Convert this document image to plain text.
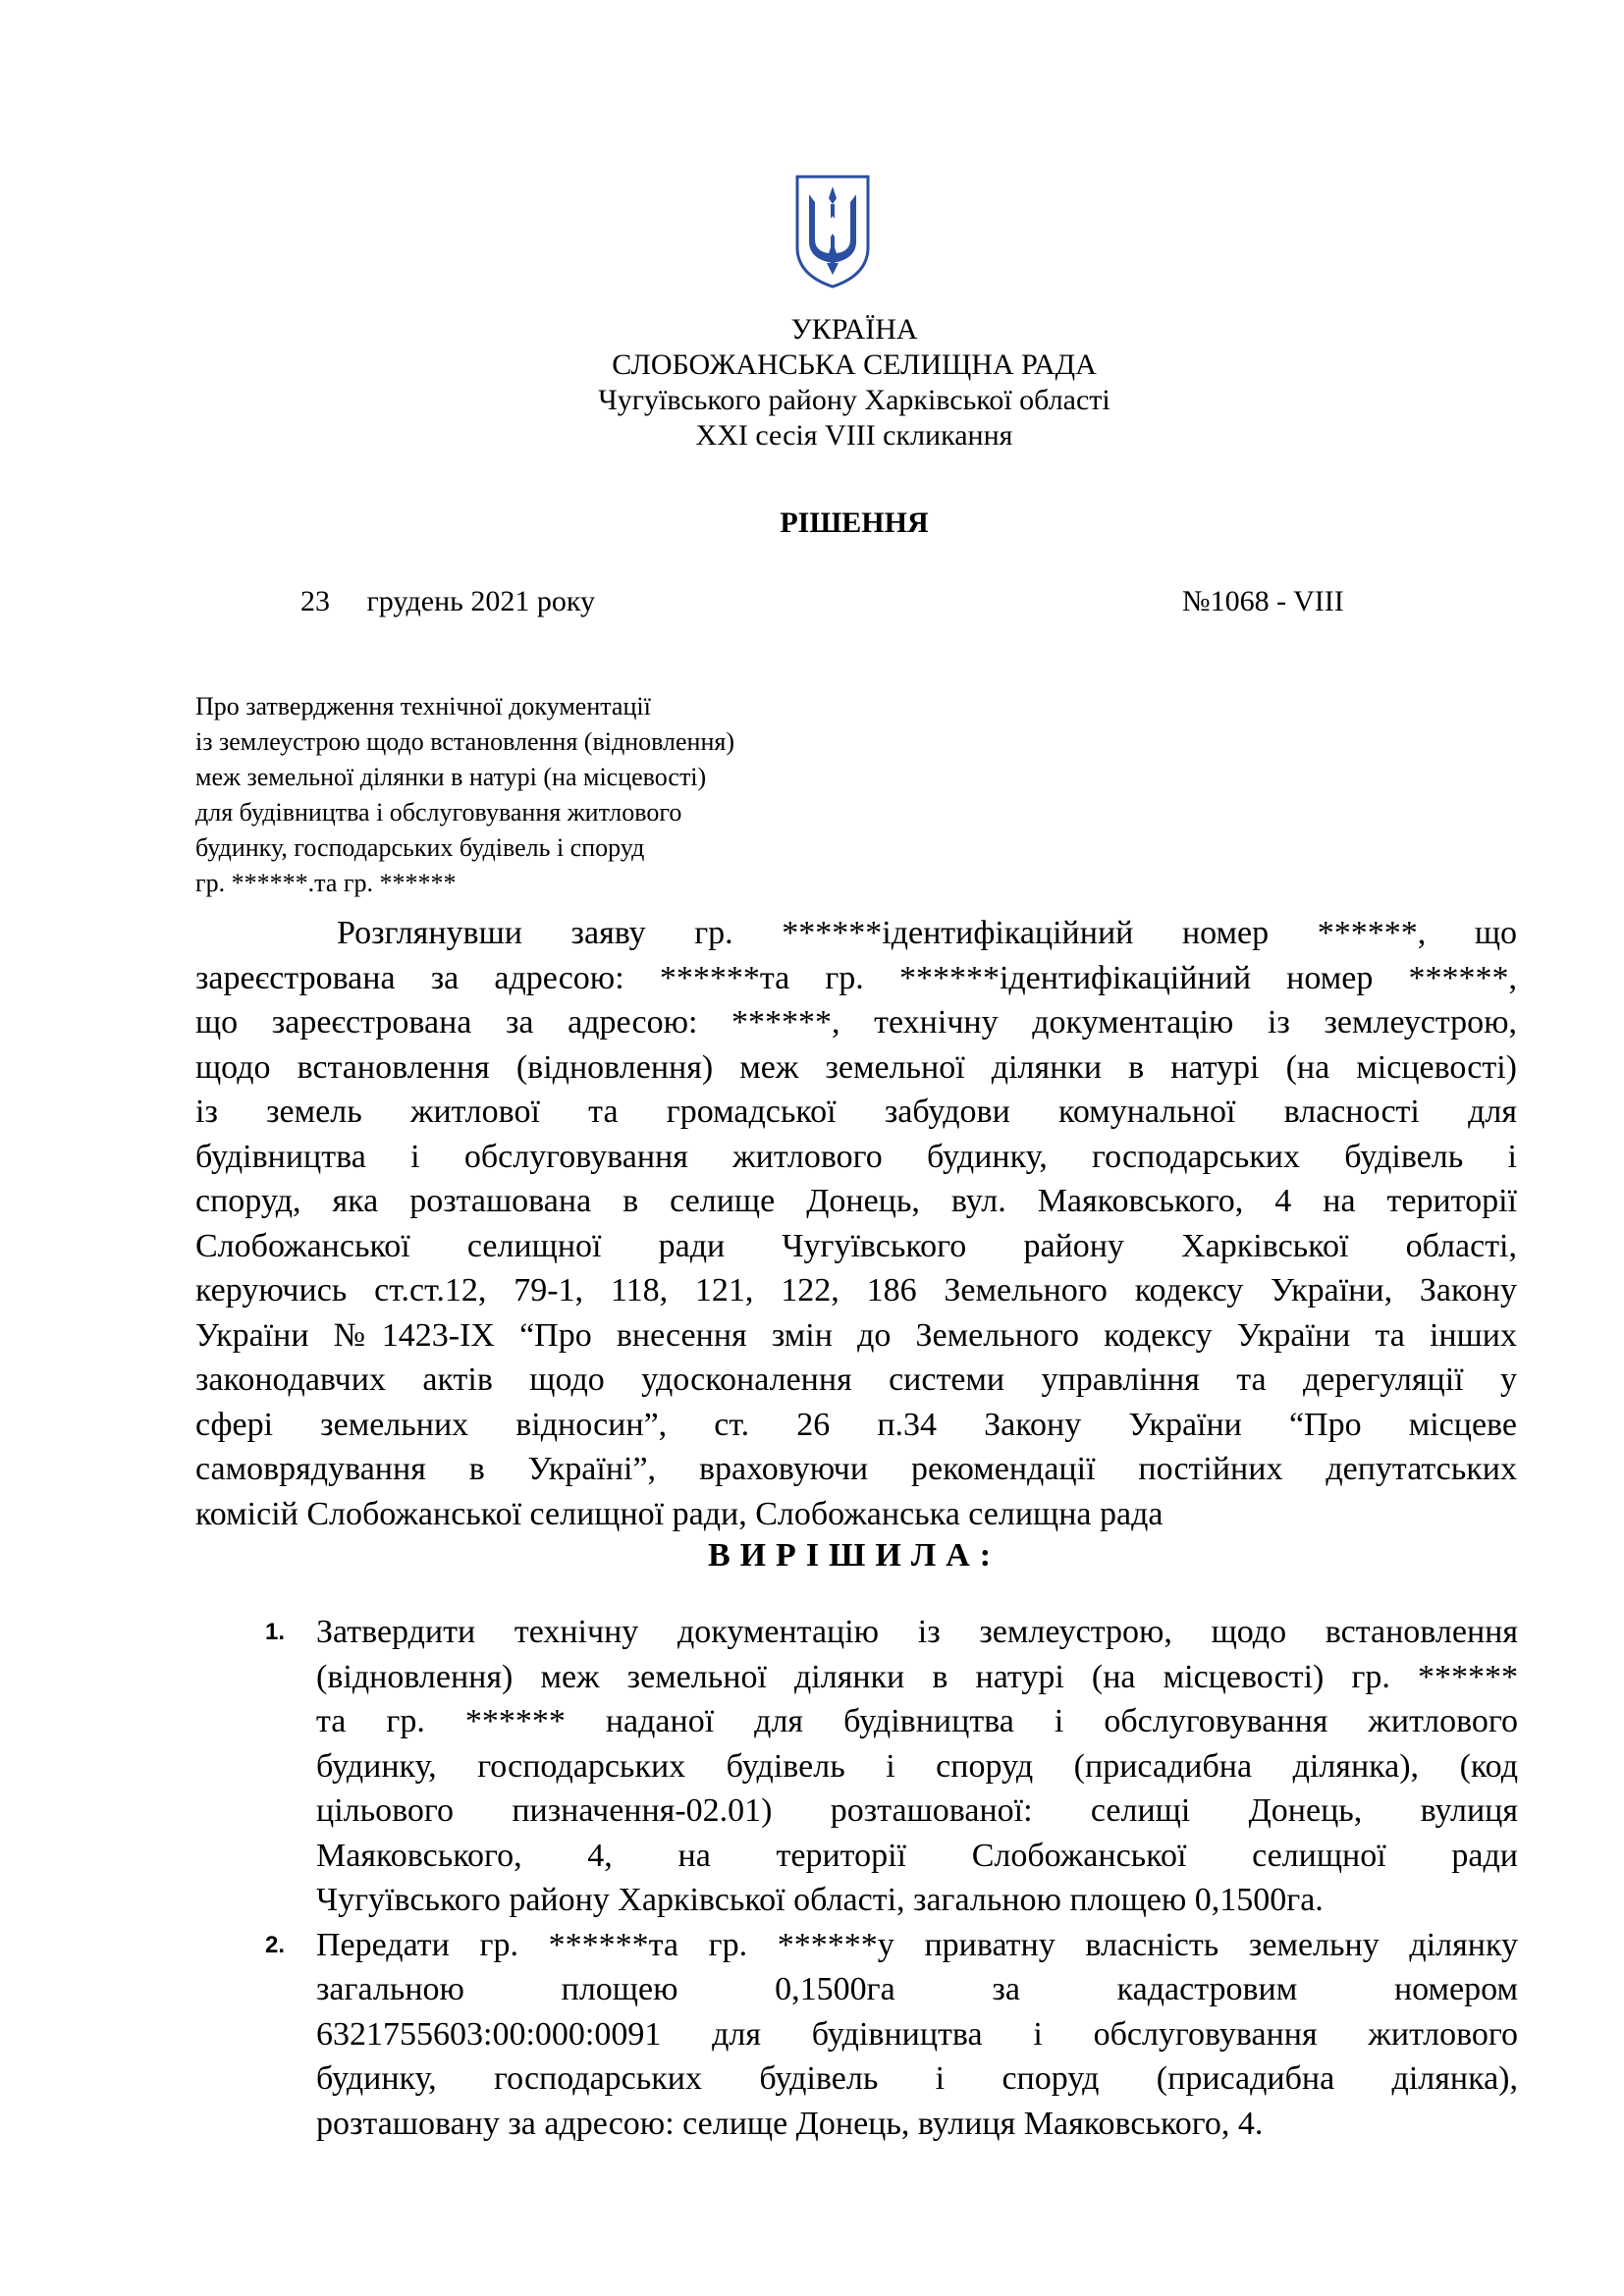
УКРАЇНА
СЛОБОЖАНСЬКА СЕЛИЩНА РАДА
Чугуївського району Харківської області
XXI сесія VIII скликання
РІШЕННЯ
23     грудень 2021 року	№1068 - VIII
Про затвердження технічної документації
із землеустрою щодо встановлення (відновлення)
меж земельної ділянки в натурі (на місцевості)
для будівництва і обслуговування житлового
будинку, господарських будівель і споруд
гр. ******.та гр. ******
Розглянувши заяву гр. ******ідентифікаційний номер ******, що
зареєстрована за адресою: ******та гр. ******ідентифікаційний номер ******,
що зареєстрована за адресою: ******, технічну документацію із землеустрою,
щодо встановлення (відновлення) меж земельної ділянки в натурі (на місцевості)
із земель житлової та громадської забудови комунальної власності для
будівництва і обслуговування житлового будинку, господарських будівель і
споруд, яка розташована в селище Донець, вул. Маяковського, 4 на території
Слобожанської селищної ради Чугуївського району Харківської області,
керуючись ст.ст.12, 79-1, 118, 121, 122, 186 Земельного кодексу України, Закону
України №1423-IX “Про внесення змін до Земельного кодексу України та інших
законодавчих актів щодо удосконалення системи управління та дерегуляції у
сфері земельних відносин”, ст. 26 п.34 Закону України “Про місцеве
самоврядування в Україні”, враховуючи рекомендації постійних депутатських
комісій Слобожанської селищної ради, Слобожанська селищна рада
ВИРІШИЛА:
1. Затвердити технічну документацію із землеустрою, щодо встановлення
(відновлення) меж земельної ділянки в натурі (на місцевості) гр. ******
та гр. ****** наданої для будівництва і обслуговування житлового
будинку, господарських будівель і споруд (присадибна ділянка), (код
цільового пизначення-02.01) розташованої: селищі Донець, вулиця
Маяковського, 4, на території Слобожанської селищної ради
Чугуївського району Харківської області, загальною площею 0,1500га.
2. Передати гр. ******та гр. ******у приватну власність земельну ділянку
загальною площею 0,1500га за кадастровим номером
6321755603:00:000:0091 для будівництва і обслуговування житлового
будинку, господарських будівель і споруд (присадибна ділянка),
розташовану за адресою: селище Донець, вулиця Маяковського, 4.
